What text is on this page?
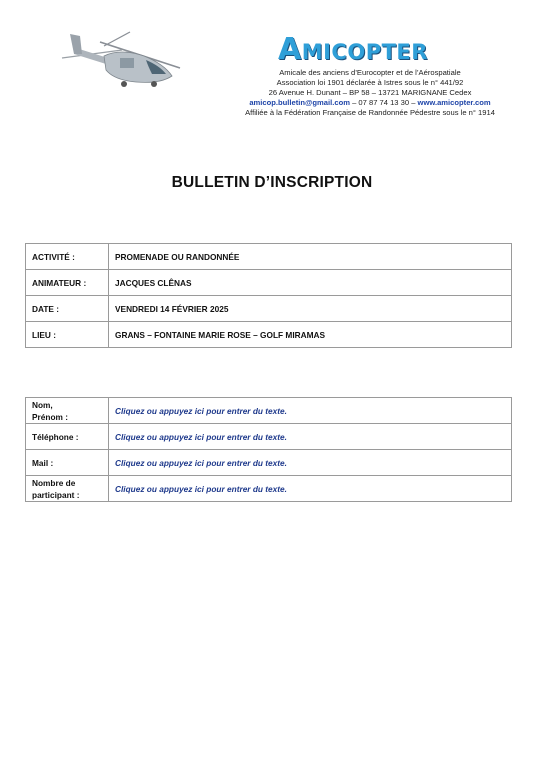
AMICOPTER
Amicale des anciens d’Eurocopter et de l’Aérospatiale
Association loi 1901 déclarée à Istres sous le n° 441/92
26 Avenue H. Dunant – BP 58 – 13721 MARIGNANE Cedex
amicop.bulletin@gmail.com – 07 87 74 13 30 – www.amicopter.com
Affiliée à la Fédération Française de Randonnée Pédestre sous le n° 1914
BULLETIN D’INSCRIPTION
ACTIVITÉ :	PROMENADE OU RANDONNÉE
ANIMATEUR :	JACQUES CLÊNAS
DATE :	VENDREDI 14 FÉVRIER 2025
LIEU :	GRANS – FONTAINE MARIE ROSE – GOLF MIRAMAS
Nom,
Prénom :	Cliquez ou appuyez ici pour entrer du texte.

Téléphone :	Cliquez ou appuyez ici pour entrer du texte.

Mail :	Cliquez ou appuyez ici pour entrer du texte.

Nombre de
participant :	Cliquez ou appuyez ici pour entrer du texte.
